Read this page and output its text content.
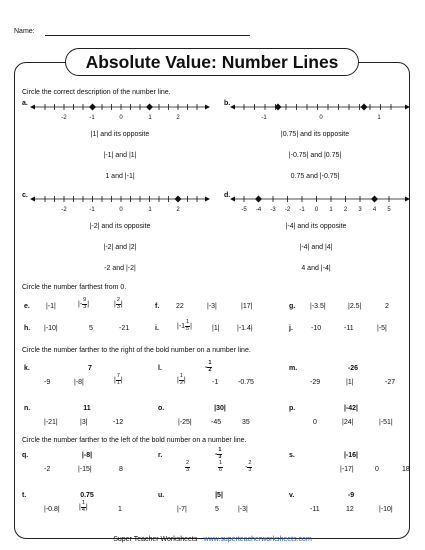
Name:
Absolute Value: Number Lines
Circle the correct description of the number line.
a.
-2	-1	0	1	2
|1| and its opposite
|-1| and |1|
1 and |-1|
b.
-1	0	1
|0.75| and its opposite
|-0.75| and |0.75|
0.75 and |-0.75|
c.
-2	-1	0	1	2
|-2| and its opposite
|-2| and |2|
-2 and |-2|
d.
-5 -4 -3 -2 -1 0 1 2 3 4 5
|-4| and its opposite
|-4| and |4|
4 and |-4|
Circle the number farthest from 0.
e. |-1|	|- $\frac{9}{3}$ |	| $\frac{2}{3}$ |	f. 22	|-3|	|17|	g. |-3.5|	|2.5|	2
h. |-10|	5	-21	i.	$|-1 \frac{1}{5}$ |	|1| |-1.4|	j.	-10	-11	|-5|
Circle the number farther to the right of the bold number on a number line.
k.	7
-9	|-8|	| $\frac{7}{1}$ |
l.	- $\frac{1}{2}$
| $\frac{1}{2}$ |	-1	-0.75
m.	-26
-29	|1|	-27
n.	11
|-21|	|3|	-12
o.	|30|
|-25|	-45	35
p.	|-42|
0	|24|	|-51|
Circle the number farther to the left of the bold number on a number line.
q.	|-8|
-2	|-15|	8
r.	- $\frac{1}{3}$
$\frac{2}{3}$	$\frac{1}{6}$	- $\frac{2}{3}$
s.	|-16|
|-17|	0	18
t.	0.75
|-0.8|	| $\frac{1}{4}$ |	1
u.	|5|
|-7|	5	|-3|
v.	-9
-11	12	|-10|
Super Teacher Worksheets - www.superteacherworksheets.com
